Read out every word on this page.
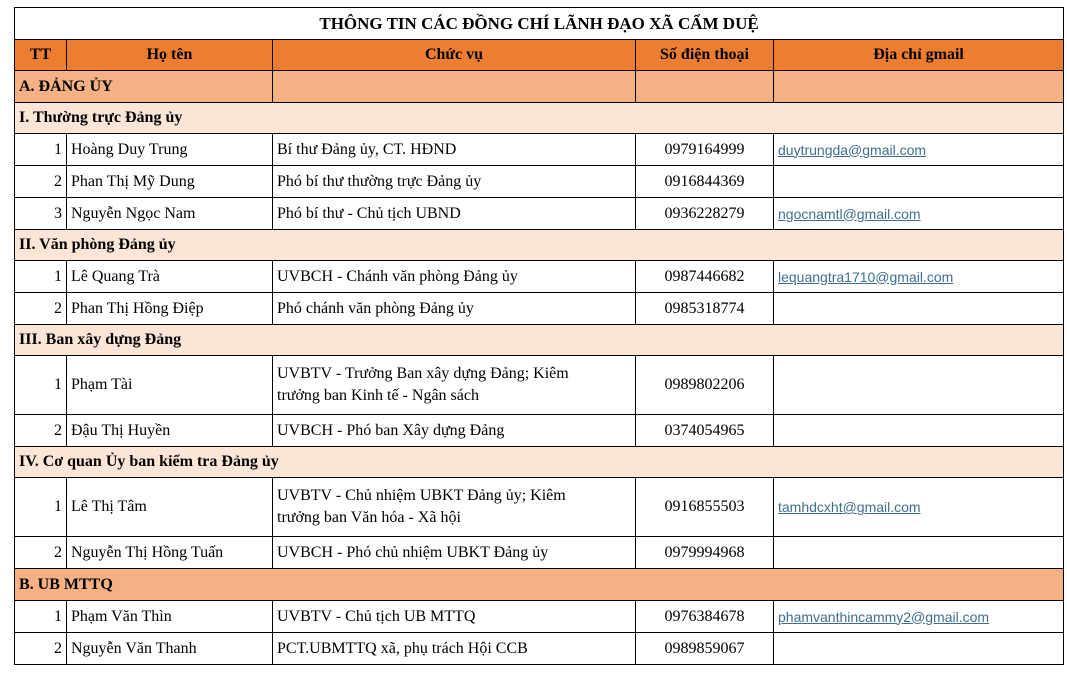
THÔNG TIN CÁC ĐỒNG CHÍ LÃNH ĐẠO XÃ CẨM DUỆ				
TT	Họ tên	Chức vụ	Số điện thoại	Địa chỉ gmail
A. ĐẢNG ỦY				
I. Thường trực Đảng ủy				
1	Hoàng Duy Trung	Bí thư Đảng ủy, CT. HĐND	0979164999	duytrungda@gmail.com
2	Phan Thị Mỹ Dung	Phó bí thư thường trực Đảng ủy	0916844369	
3	Nguyễn Ngọc Nam	Phó bí thư - Chủ tịch UBND	0936228279	ngocnamtl@gmail.com
II. Văn phòng Đảng ủy				
1	Lê Quang Trà	UVBCH - Chánh văn phòng Đảng ủy	0987446682	lequangtra1710@gmail.com
2	Phan Thị Hồng Điệp	Phó chánh văn phòng Đảng ủy	0985318774	
III. Ban xây dựng Đảng				
1	Phạm Tài	UVBTV - Trưởng Ban xây dựng Đảng; Kiêm
trưởng ban Kinh tế - Ngân sách	0989802206	
2	Đậu Thị Huyền	UVBCH - Phó ban Xây dựng Đảng	0374054965	
IV. Cơ quan Ủy ban kiểm tra Đảng ủy				
1	Lê Thị Tâm	UVBTV - Chủ nhiệm UBKT Đảng ủy; Kiêm
trưởng ban Văn hóa - Xã hội	0916855503	tamhdcxht@gmail.com
2	Nguyễn Thị Hồng Tuấn	UVBCH - Phó chủ nhiệm UBKT Đảng ủy	0979994968	
B. UB MTTQ				
1	Phạm Văn Thìn	UVBTV - Chủ tịch UB MTTQ	0976384678	phamvanthincammy2@gmail.com
2	Nguyễn Văn Thanh	PCT.UBMTTQ xã, phụ trách Hội CCB	0989859067	
